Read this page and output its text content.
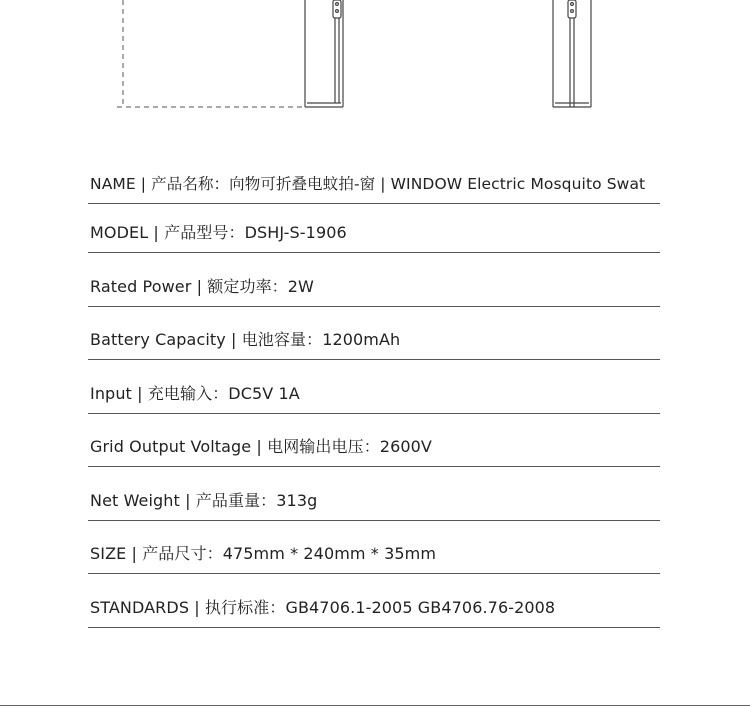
NAME | 产品名称：向物可折叠电蚊拍-窗 | WINDOW Electric Mosquito Swat
MODEL | 产品型号：DSHJ-S-1906
Rated Power | 额定功率：2W
Battery Capacity | 电池容量：1200mAh
Input | 充电输入：DC5V 1A
Grid Output Voltage | 电网输出电压：2600V
Net Weight | 产品重量：313g
SIZE | 产品尺寸：475mm * 240mm * 35mm
STANDARDS | 执行标准：GB4706.1-2005 GB4706.76-2008
